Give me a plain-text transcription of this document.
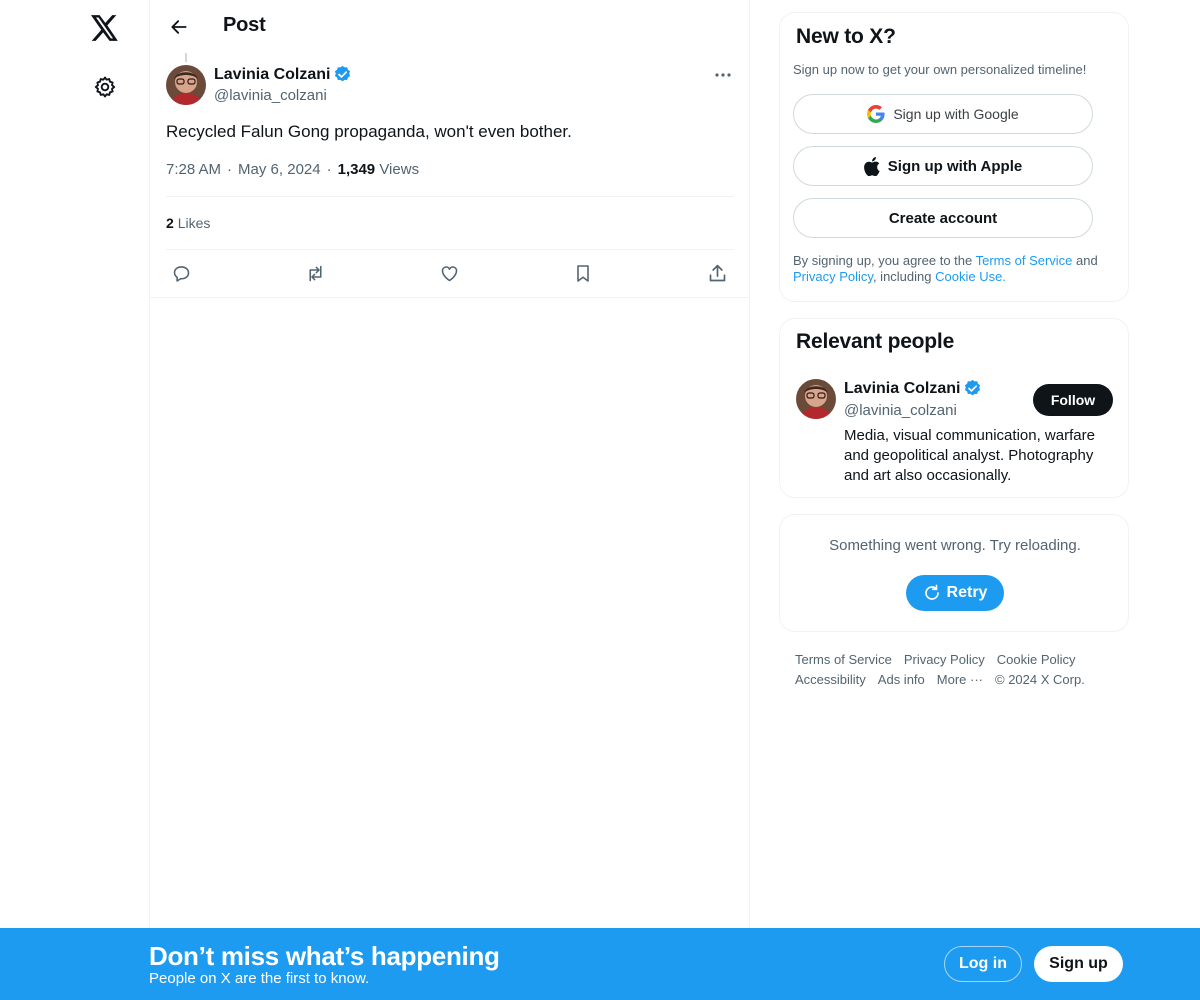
Post
Lavinia Colzani
@lavinia_colzani
Recycled Falun Gong propaganda, won't even bother.
7:28 AM · May 6, 2024 · 1,349 Views
2 Likes
New to X?
Sign up now to get your own personalized timeline!
Sign up with Google
Sign up with Apple
Create account
By signing up, you agree to the Terms of Service and Privacy Policy, including Cookie Use.
Relevant people
Lavinia Colzani
@lavinia_colzani
Follow
Media, visual communication, warfare and geopolitical analyst. Photography and art also occasionally.
Something went wrong. Try reloading.
Retry
Terms of Service Privacy Policy Cookie Policy
Accessibility Ads info More ··· © 2024 X Corp.
Don’t miss what’s happening
People on X are the first to know.
Log in	Sign up
